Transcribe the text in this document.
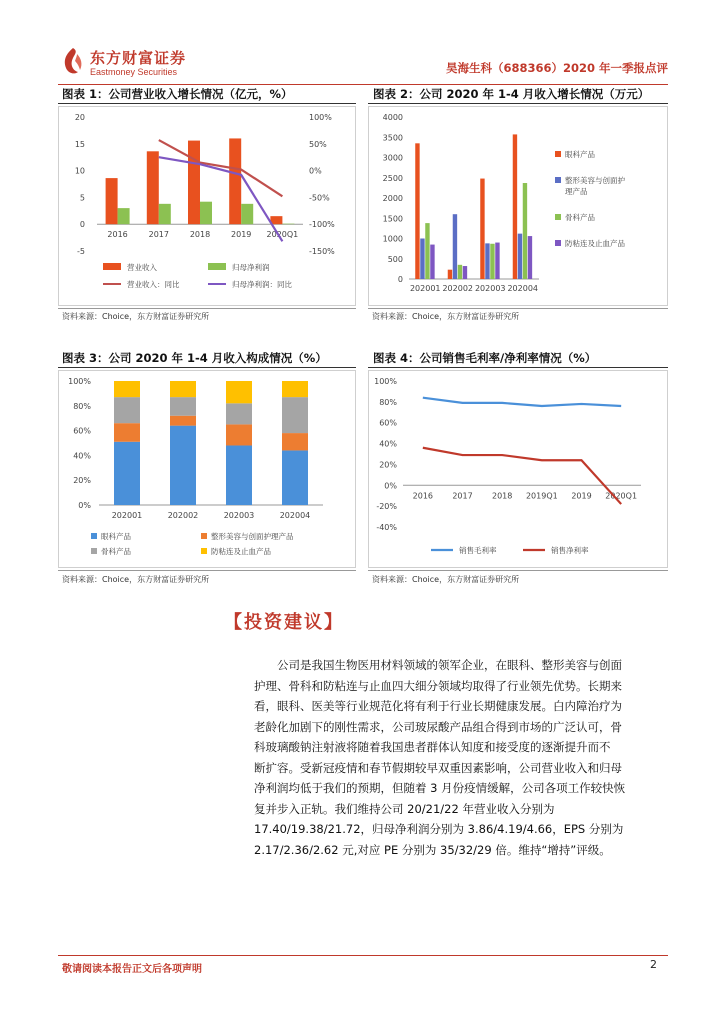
东方财富证券
Eastmoney Securities	昊海生科（688366）2020 年一季报点评
图表 1：公司营业收入增长情况（亿元，%）
20
15
10
5
0
-5
100%
50%
0%
-50%
-100%
-150%
2016	2017	2018	2019 2020Q1
营业收入	归母净利润
营业收入：同比	归母净利润：同比
资料来源：Choice，东方财富证券研究所
图表 2：公司 2020 年 1-4 月收入增长情况（万元）
4000
3500
3000
2500
2000
1500
1000
500
0
202001 202002 202003 202004
眼科产品
整形美容与创面护
理产品
骨科产品
防粘连及止血产品
资料来源：Choice，东方财富证券研究所
图表 3：公司 2020 年 1-4 月收入构成情况（%）
100%
80%
60%
40%
20%
0%
202001	202002	202003	202004
眼科产品	整形美容与创面护理产品
骨科产品	防粘连及止血产品
资料来源：Choice，东方财富证券研究所
图表 4：公司销售毛利率/净利率情况（%）
100%
80%
60%
40%
20%
0%
-20%
-40%
2016 2017 2018 2019Q1 2019 2020Q1
销售毛利率	销售净利率
资料来源：Choice，东方财富证券研究所
【投资建议】

公司是我国生物医用材料领域的领军企业，在眼科、整形美容与创面

护理、骨科和防粘连与止血四大细分领域均取得了行业领先优势。长期来

看，眼科、医美等行业规范化将有利于行业长期健康发展。白内障治疗为

老龄化加剧下的刚性需求，公司玻尿酸产品组合得到市场的广泛认可，骨

科玻璃酸钠注射液将随着我国患者群体认知度和接受度的逐渐提升而不

断扩容。受新冠疫情和春节假期较早双重因素影响，公司营业收入和归母

净利润均低于我们的预期，但随着 3 月份疫情缓解，公司各项工作较快恢

复并步入正轨。我们维持公司 20/21/22 年营业收入分别为

17.40/19.38/21.72，归母净利润分别为 3.86/4.19/4.66，EPS 分别为

2.17/2.36/2.62 元,对应 PE 分别为 35/32/29 倍。维持“增持”评级。

敬请阅读本报告正文后各项声明	2
